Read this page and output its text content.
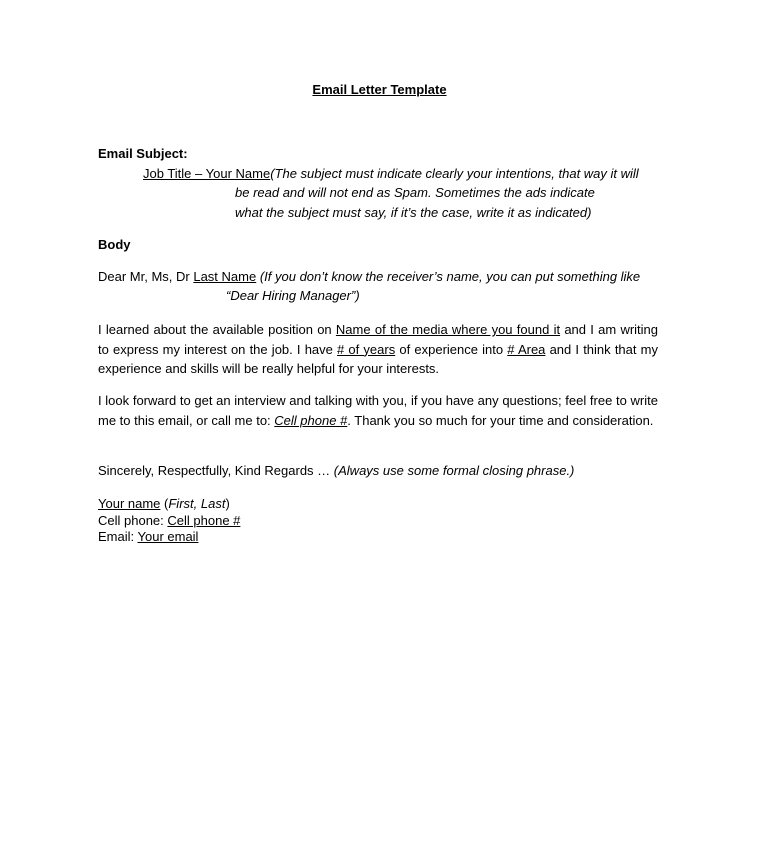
Email Letter Template
Email Subject:
Job Title – Your Name(The subject must indicate clearly your intentions, that way it will
be read and will not end as Spam. Sometimes the ads indicate
what the subject must say, if it’s the case, write it as indicated)
Body
Dear Mr, Ms, Dr Last Name (If you don’t know the receiver’s name, you can put something like
“Dear Hiring Manager”)
I learned about the available position on Name of the media where you found it and I am writing to express my interest on the job. I have # of years of experience into # Area and I think that my experience and skills will be really helpful for your interests.
I look forward to get an interview and talking with you, if you have any questions; feel free to write me to this email, or call me to: Cell phone #. Thank you so much for your time and consideration.
Sincerely, Respectfully, Kind Regards … (Always use some formal closing phrase.)
Your name (First, Last)
Cell phone: Cell phone #
Email: Your email
